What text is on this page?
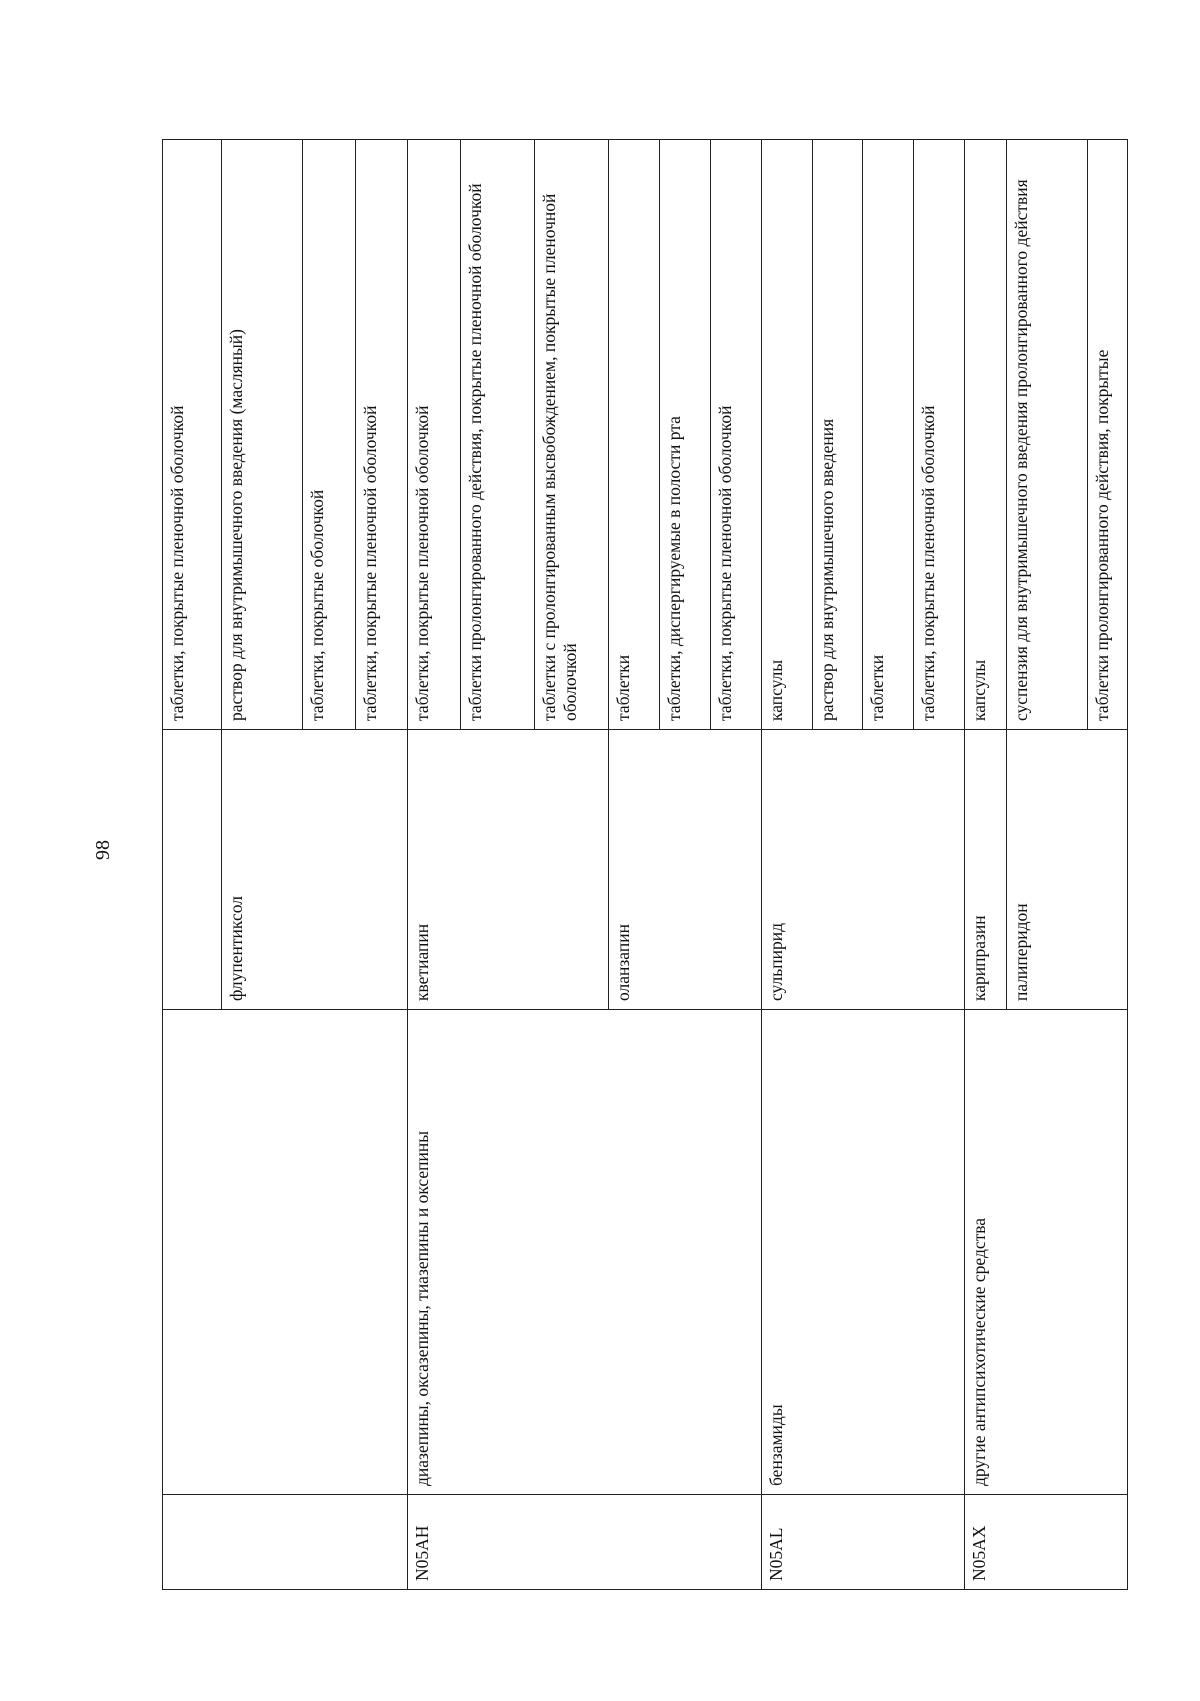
98
			таблетки, покрытые пленочной оболочкой
		флупентиксол	раствор для внутримышечного введения (масляный)
			таблетки, покрытые оболочкой
			таблетки, покрытые пленочной оболочкой
N05AH	диазепины, оксазепины, тиазепины и оксепины	кветиапин	таблетки, покрытые пленочной оболочкой
			таблетки пролонгированного действия, покрытые пленочной оболочкой
			таблетки с пролонгированным высвобождением, покрытые пленочной оболочкой
		оланзапин	таблетки
			таблетки, диспергируемые в полости рта
			таблетки, покрытые пленочной оболочкой
N05AL	бензамиды	сульпирид	капсулы
			раствор для внутримышечного введения
			таблетки
			таблетки, покрытые пленочной оболочкой
N05AX	другие антипсихотические средства	карипразин	капсулы
		палиперидон	суспензия для внутримышечного введения пролонгированного действия
			таблетки пролонгированного действия, покрытые
